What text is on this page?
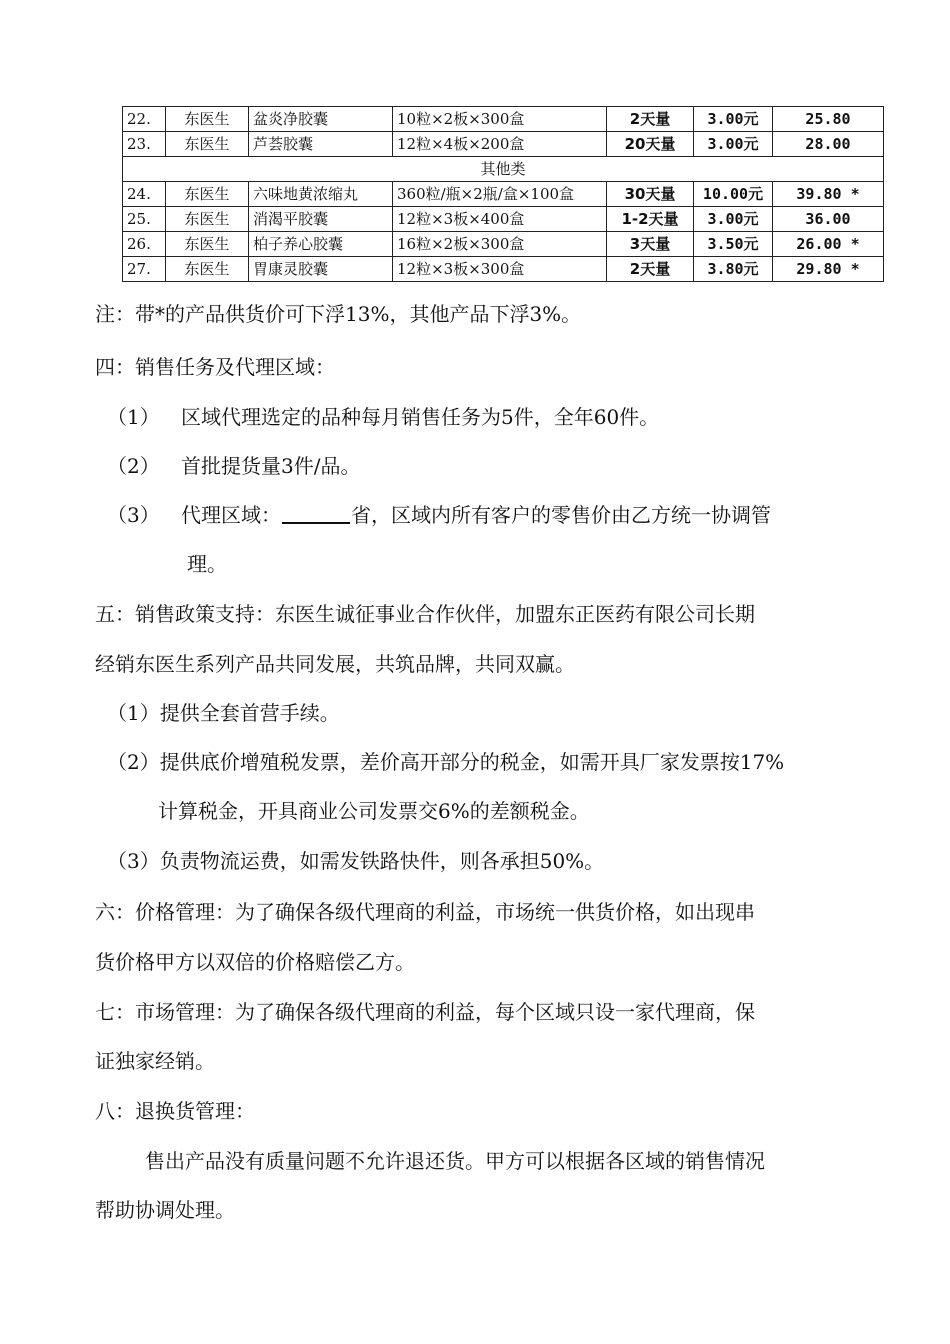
22.	东医生	盆炎净胶囊	10粒×2板×300盒	2天量	3.00元	25.80
23.	东医生	芦荟胶囊	12粒×4板×200盒	20天量	3.00元	28.00
其他类						
24.	东医生	六味地黄浓缩丸	360粒/瓶×2瓶/盒×100盒	30天量	10.00元	39.80 *
25.	东医生	消渴平胶囊	12粒×3板×400盒	1-2天量	3.00元	36.00
26.	东医生	柏子养心胶囊	16粒×2板×300盒	3天量	3.50元	26.00 *
27.	东医生	胃康灵胶囊	12粒×3板×300盒	2天量	3.80元	29.80 *
注：带*的产品供货价可下浮13%，其他产品下浮3%。
四：销售任务及代理区域：
（1） 区域代理选定的品种每月销售任务为5件，全年60件。
（2） 首批提货量3件/品。
（3） 代理区域：	省，区域内所有客户的零售价由乙方统一协调管
理。
五：销售政策支持：东医生诚征事业合作伙伴，加盟东正医药有限公司长期
经销东医生系列产品共同发展，共筑品牌，共同双赢。
（1）提供全套首营手续。
（2）提供底价增殖税发票，差价高开部分的税金，如需开具厂家发票按17%
计算税金，开具商业公司发票交6%的差额税金。
（3）负责物流运费，如需发铁路快件，则各承担50%。
六：价格管理：为了确保各级代理商的利益，市场统一供货价格，如出现串
货价格甲方以双倍的价格赔偿乙方。
七：市场管理：为了确保各级代理商的利益，每个区域只设一家代理商，保
证独家经销。
八：退换货管理：
售出产品没有质量问题不允许退还货。甲方可以根据各区域的销售情况
帮助协调处理。
